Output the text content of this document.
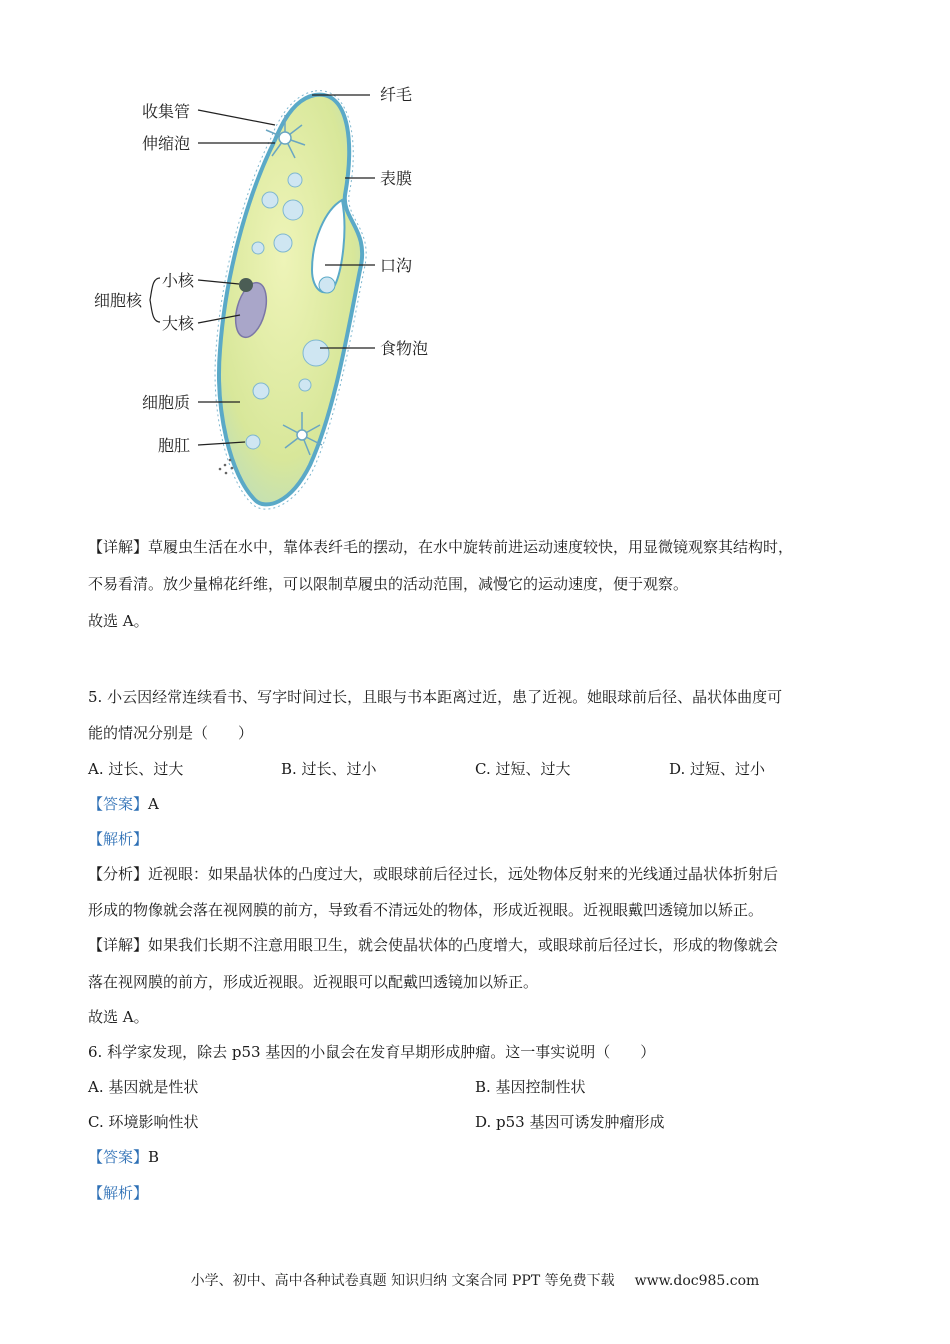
纤毛
收集管
伸缩泡
表膜
口沟
小核
细胞核
大核
食物泡
细胞质
胞肛
【详解】草履虫生活在水中，靠体表纤毛的摆动，在水中旋转前进运动速度较快，用显微镜观察其结构时，
不易看清。放少量棉花纤维，可以限制草履虫的活动范围，减慢它的运动速度，便于观察。
故选 A。
5. 小云因经常连续看书、写字时间过长，且眼与书本距离过近，患了近视。她眼球前后径、晶状体曲度可
能的情况分别是（　　）
A. 过长、过大	B. 过长、过小	C. 过短、过大	D. 过短、过小
【答案】A
【解析】
【分析】近视眼：如果晶状体的凸度过大，或眼球前后径过长，远处物体反射来的光线通过晶状体折射后
形成的物像就会落在视网膜的前方，导致看不清远处的物体，形成近视眼。近视眼戴凹透镜加以矫正。
【详解】如果我们长期不注意用眼卫生，就会使晶状体的凸度增大，或眼球前后径过长，形成的物像就会
落在视网膜的前方，形成近视眼。近视眼可以配戴凹透镜加以矫正。
故选 A。
6. 科学家发现，除去 p53 基因的小鼠会在发育早期形成肿瘤。这一事实说明（　　）
A. 基因就是性状	B. 基因控制性状
C. 环境影响性状	D. p53 基因可诱发肿瘤形成
【答案】B
【解析】
小学、初中、高中各种试卷真题 知识归纳 文案合同 PPT 等免费下载 www.doc985.com
